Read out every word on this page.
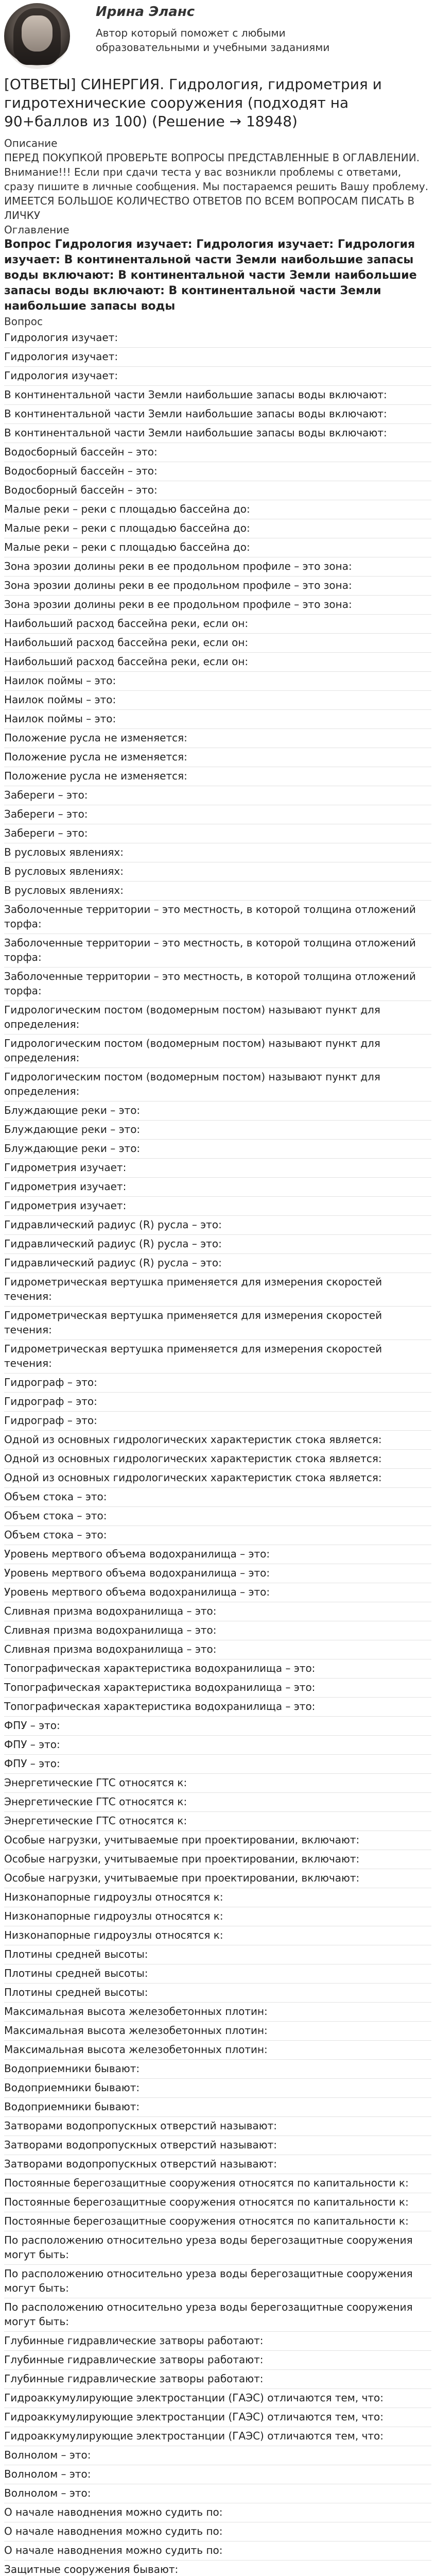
Ирина Эланс
Автор который поможет с любыми образовательными и учебными заданиями
[ОТВЕТЫ] СИНЕРГИЯ. Гидрология, гидрометрия и гидротехнические сооружения (подходят на 90+баллов из 100) (Решение → 18948)

Описание

ПЕРЕД ПОКУПКОЙ ПРОВЕРЬТЕ ВОПРОСЫ ПРЕДСТАВЛЕННЫЕ В ОГЛАВЛЕНИИ.

Внимание!!! Если при сдачи теста у вас возникли проблемы с ответами, сразу пишите в личные сообщения. Мы постараемся решить Вашу проблему.

ИМЕЕТСЯ БОЛЬШОЕ КОЛИЧЕСТВО ОТВЕТОВ ПО ВСЕМ ВОПРОСАМ ПИСАТЬ В ЛИЧКУ

Оглавление

Вопрос Гидрология изучает: Гидрология изучает: Гидрология изучает: В континентальной части Земли наибольшие запасы воды включают: В континентальной части Земли наибольшие запасы воды включают: В континентальной части Земли наибольшие запасы воды

Вопрос

Гидрология изучает:

Гидрология изучает:

Гидрология изучает:

В континентальной части Земли наибольшие запасы воды включают:

В континентальной части Земли наибольшие запасы воды включают:

В континентальной части Земли наибольшие запасы воды включают:

Водосборный бассейн – это:

Водосборный бассейн – это:

Водосборный бассейн – это:

Малые реки – реки с площадью бассейна до:

Малые реки – реки с площадью бассейна до:

Малые реки – реки с площадью бассейна до:

Зона эрозии долины реки в ее продольном профиле – это зона:

Зона эрозии долины реки в ее продольном профиле – это зона:

Зона эрозии долины реки в ее продольном профиле – это зона:

Наибольший расход бассейна реки, если он:

Наибольший расход бассейна реки, если он:

Наибольший расход бассейна реки, если он:

Наилок поймы – это:

Наилок поймы – это:

Наилок поймы – это:

Положение русла не изменяется:

Положение русла не изменяется:

Положение русла не изменяется:

Забереги – это:

Забереги – это:

Забереги – это:

В русловых явлениях:

В русловых явлениях:

В русловых явлениях:

Заболоченные территории – это местность, в которой толщина отложений торфа:

Заболоченные территории – это местность, в которой толщина отложений торфа:

Заболоченные территории – это местность, в которой толщина отложений торфа:

Гидрологическим постом (водомерным постом) называют пункт для определения:

Гидрологическим постом (водомерным постом) называют пункт для определения:

Гидрологическим постом (водомерным постом) называют пункт для определения:

Блуждающие реки – это:

Блуждающие реки – это:

Блуждающие реки – это:

Гидрометрия изучает:

Гидрометрия изучает:

Гидрометрия изучает:

Гидравлический радиус (R) русла – это:

Гидравлический радиус (R) русла – это:

Гидравлический радиус (R) русла – это:

Гидрометрическая вертушка применяется для измерения скоростей течения:

Гидрометрическая вертушка применяется для измерения скоростей течения:

Гидрометрическая вертушка применяется для измерения скоростей течения:

Гидрограф – это:

Гидрограф – это:

Гидрограф – это:

Одной из основных гидрологических характеристик стока является:

Одной из основных гидрологических характеристик стока является:

Одной из основных гидрологических характеристик стока является:

Объем стока – это:

Объем стока – это:

Объем стока – это:

Уровень мертвого объема водохранилища – это:

Уровень мертвого объема водохранилища – это:

Уровень мертвого объема водохранилища – это:

Сливная призма водохранилища – это:

Сливная призма водохранилища – это:

Сливная призма водохранилища – это:

Топографическая характеристика водохранилища – это:

Топографическая характеристика водохранилища – это:

Топографическая характеристика водохранилища – это:

ФПУ – это:

ФПУ – это:

ФПУ – это:

Энергетические ГТС относятся к:

Энергетические ГТС относятся к:

Энергетические ГТС относятся к:

Особые нагрузки, учитываемые при проектировании, включают:

Особые нагрузки, учитываемые при проектировании, включают:

Особые нагрузки, учитываемые при проектировании, включают:

Низконапорные гидроузлы относятся к:

Низконапорные гидроузлы относятся к:

Низконапорные гидроузлы относятся к:

Плотины средней высоты:

Плотины средней высоты:

Плотины средней высоты:

Максимальная высота железобетонных плотин:

Максимальная высота железобетонных плотин:

Максимальная высота железобетонных плотин:

Водоприемники бывают:

Водоприемники бывают:

Водоприемники бывают:

Затворами водопропускных отверстий называют:

Затворами водопропускных отверстий называют:

Затворами водопропускных отверстий называют:

Постоянные берегозащитные сооружения относятся по капитальности к:

Постоянные берегозащитные сооружения относятся по капитальности к:

Постоянные берегозащитные сооружения относятся по капитальности к:

По расположению относительно уреза воды берегозащитные сооружения могут быть:

По расположению относительно уреза воды берегозащитные сооружения могут быть:

По расположению относительно уреза воды берегозащитные сооружения могут быть:

Глубинные гидравлические затворы работают:

Глубинные гидравлические затворы работают:

Глубинные гидравлические затворы работают:

Гидроаккумулирующие электростанции (ГАЭС) отличаются тем, что:

Гидроаккумулирующие электростанции (ГАЭС) отличаются тем, что:

Гидроаккумулирующие электростанции (ГАЭС) отличаются тем, что:

Волнолом – это:

Волнолом – это:

Волнолом – это:

О начале наводнения можно судить по:

О начале наводнения можно судить по:

О начале наводнения можно судить по:

Защитные сооружения бывают:
